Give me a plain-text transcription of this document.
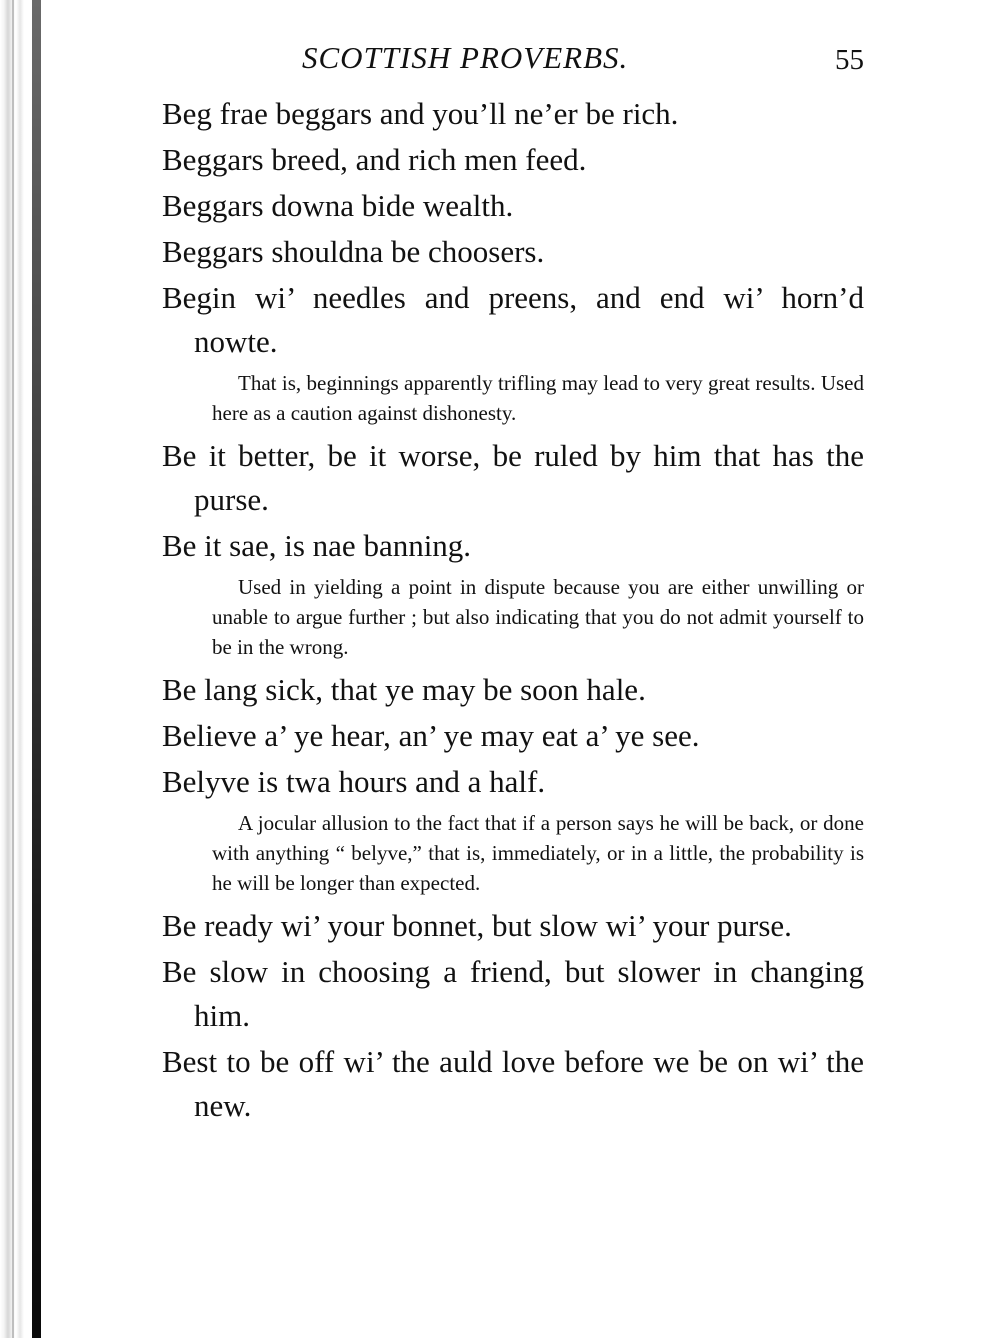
SCOTTISH PROVERBS.	55

Beg frae beggars and you’ll ne’er be rich.

Beggars breed, and rich men feed.

Beggars downa bide wealth.

Beggars shouldna be choosers.

Begin wi’ needles and preens, and end wi’ horn’d nowte.

That is, beginnings apparently trifling may lead to very great results. Used here as a caution against dishonesty.

Be it better, be it worse, be ruled by him that has the purse.

Be it sae, is nae banning.

Used in yielding a point in dispute because you are either unwilling or unable to argue further ; but also indicating that you do not admit yourself to be in the wrong.

Be lang sick, that ye may be soon hale.

Believe a’ ye hear, an’ ye may eat a’ ye see.

Belyve is twa hours and a half.

A jocular allusion to the fact that if a person says he will be back, or done with anything “ belyve,” that is, immediately, or in a little, the probability is he will be longer than expected.

Be ready wi’ your bonnet, but slow wi’ your purse.

Be slow in choosing a friend, but slower in changing him.

Best to be off wi’ the auld love before we be on wi’ the new.
